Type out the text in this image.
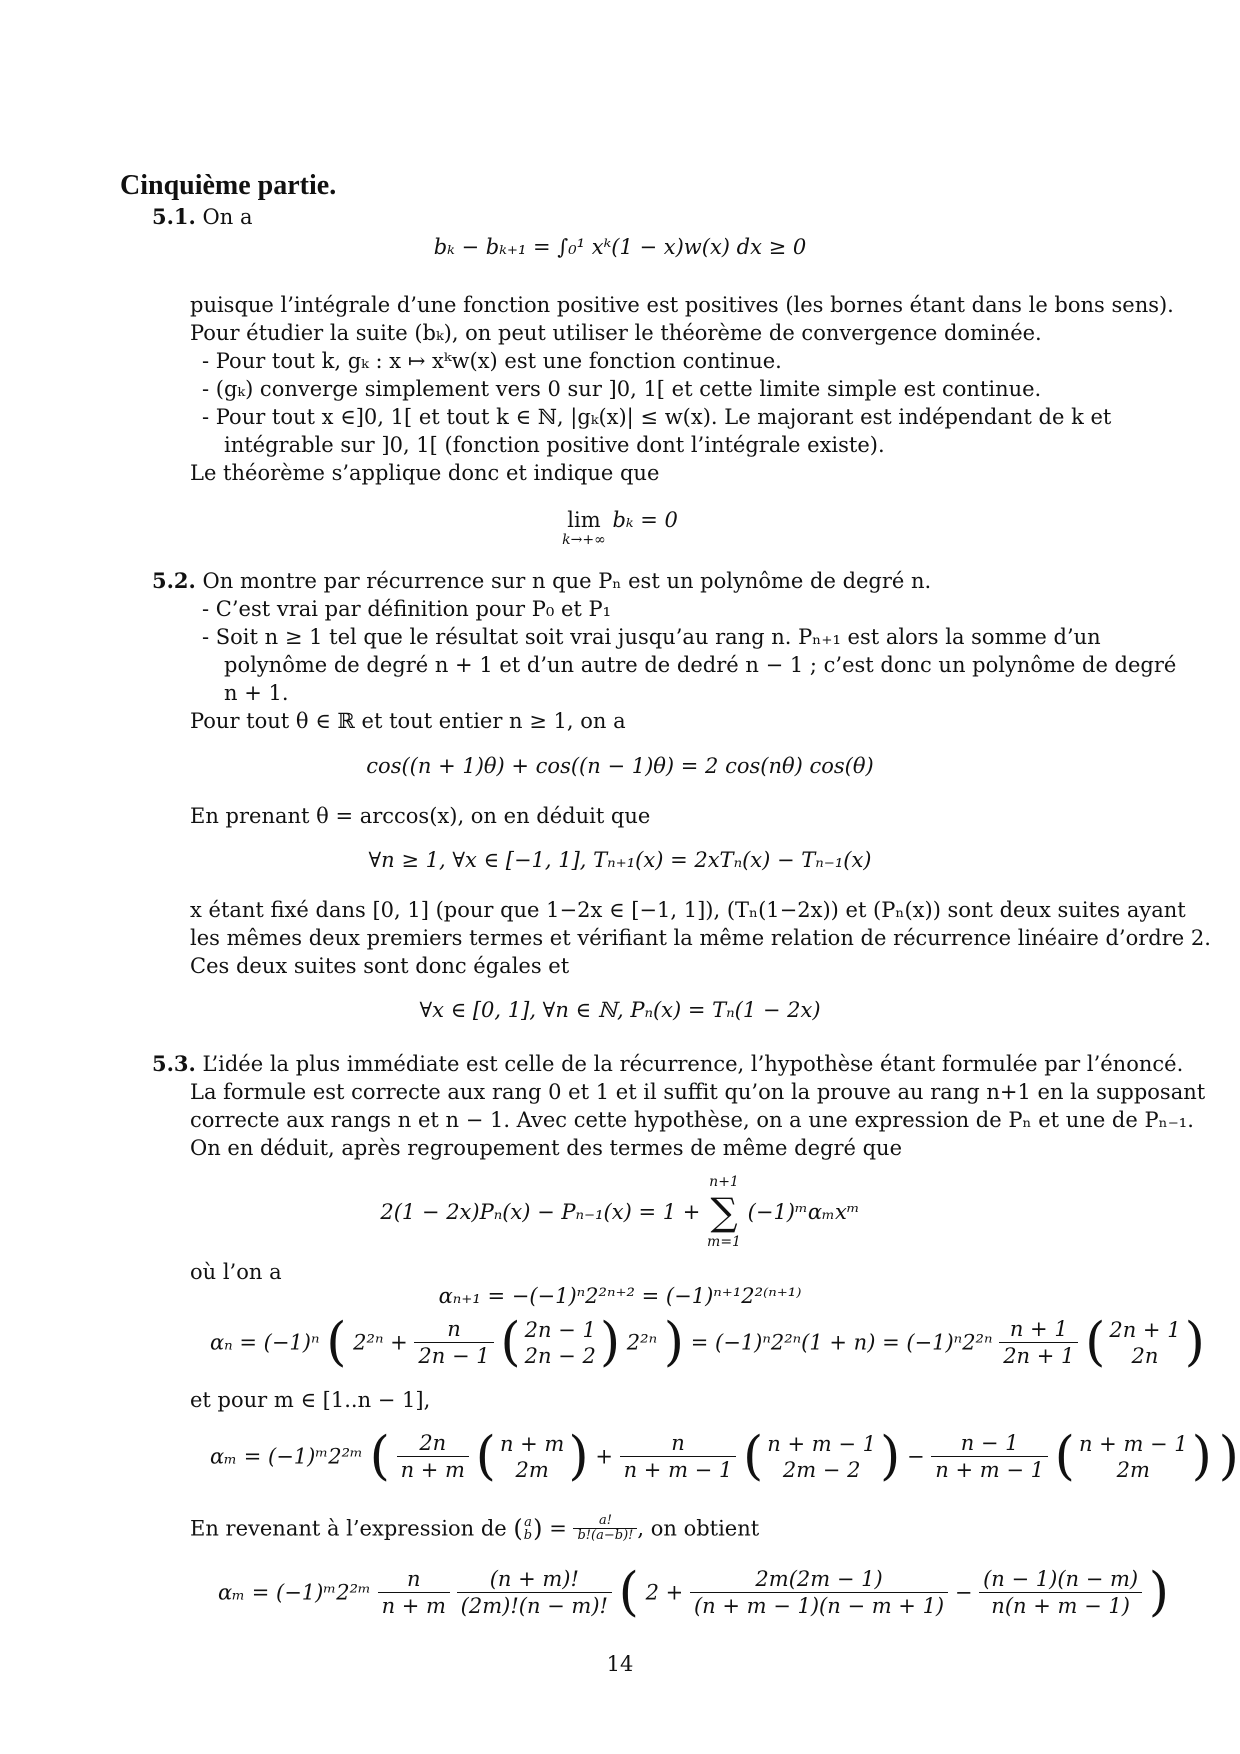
Cinquième partie.
5.1. On a
bₖ − bₖ₊₁ = ∫₀¹ xᵏ(1 − x)w(x) dx ≥ 0
puisque l’intégrale d’une fonction positive est positives (les bornes étant dans le bons sens).
Pour étudier la suite (bₖ), on peut utiliser le théorème de convergence dominée.
- Pour tout k, gₖ : x ↦ xᵏw(x) est une fonction continue.
- (gₖ) converge simplement vers 0 sur ]0, 1[ et cette limite simple est continue.
- Pour tout x ∈]0, 1[ et tout k ∈ ℕ, |gₖ(x)| ≤ w(x). Le majorant est indépendant de k et
intégrable sur ]0, 1[ (fonction positive dont l’intégrale existe).
Le théorème s’applique donc et indique que
lim
k→+∞
bₖ = 0
5.2. On montre par récurrence sur n que Pₙ est un polynôme de degré n.
- C’est vrai par définition pour P₀ et P₁
- Soit n ≥ 1 tel que le résultat soit vrai jusqu’au rang n. Pₙ₊₁ est alors la somme d’un
polynôme de degré n + 1 et d’un autre de dedré n − 1 ; c’est donc un polynôme de degré
n + 1.
Pour tout θ ∈ ℝ et tout entier n ≥ 1, on a
cos((n + 1)θ) + cos((n − 1)θ) = 2 cos(nθ) cos(θ)
En prenant θ = arccos(x), on en déduit que
∀n ≥ 1, ∀x ∈ [−1, 1], Tₙ₊₁(x) = 2xTₙ(x) − Tₙ₋₁(x)
x étant fixé dans [0, 1] (pour que 1−2x ∈ [−1, 1]), (Tₙ(1−2x)) et (Pₙ(x)) sont deux suites ayant
les mêmes deux premiers termes et vérifiant la même relation de récurrence linéaire d’ordre 2.
Ces deux suites sont donc égales et
∀x ∈ [0, 1], ∀n ∈ ℕ, Pₙ(x) = Tₙ(1 − 2x)
5.3. L’idée la plus immédiate est celle de la récurrence, l’hypothèse étant formulée par l’énoncé.
La formule est correcte aux rang 0 et 1 et il suffit qu’on la prouve au rang n+1 en la supposant
correcte aux rangs n et n − 1. Avec cette hypothèse, on a une expression de Pₙ et une de Pₙ₋₁.
On en déduit, après regroupement des termes de même degré que
2(1 − 2x)Pₙ(x) − Pₙ₋₁(x) = 1 +
n+1
∑
m=1
(−1)ᵐαₘxᵐ
où l’on a
αₙ₊₁ = −(−1)ⁿ2²ⁿ⁺² = (−1)ⁿ⁺¹2²⁽ⁿ⁺¹⁾
αₙ = (−1)ⁿ ( $2^{2n} + \frac{n}{2n - 1}$ ( 2n − 1
2n − 2 ) 2²ⁿ ) = $(-1)^n2^{2n}(1 + n) = (-1)^n2^{2n} \frac{n + 1}{2n + 1}$ ( 2n + 1
2n )
et pour m ∈ [1..n − 1],
αₘ = (−1)ᵐ2²ᵐ ( $\frac{2n}{n + m}$ ( n + m
2m ) + $\frac{n}{n + m - 1}$ ( n + m − 1
2m − 2 ) − $\frac{n - 1}{n + m - 1}$ ( n + m − 1
2m ) )
En revenant à l’expression de ( a
b ) = $\frac{a!}{b!(a-b)!}$ , on obtient
αₘ = (−1)ᵐ2²ᵐ $\frac{n}{n + m}$
$\frac{(n + m)!}{(2m)!(n - m)!}$ ( $2 + \frac{2m(2m - 1)}{(n + m - 1)(n - m + 1)} - \frac{(n - 1)(n - m)}{n(n + m - 1)}$ )
14
